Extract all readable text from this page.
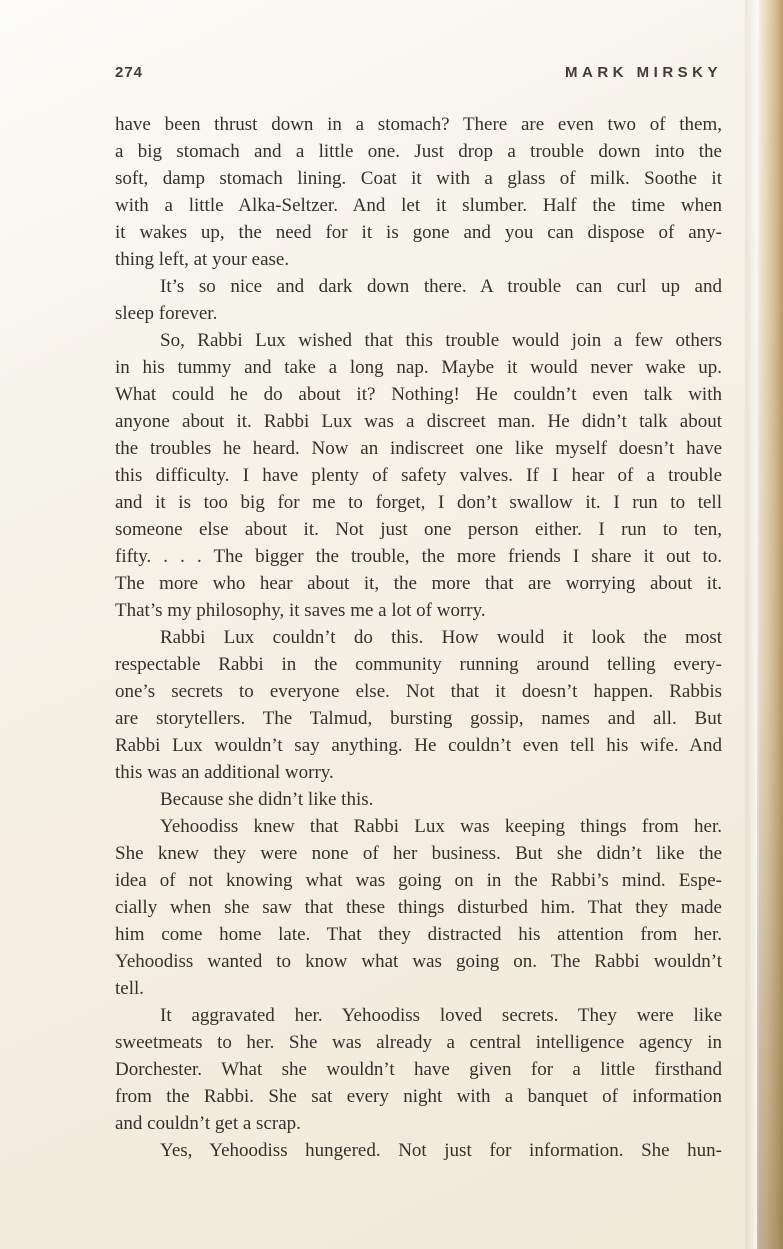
274	MARK MIRSKY

have been thrust down in a stomach? There are even two of them,
a big stomach and a little one. Just drop a trouble down into the
soft, damp stomach lining. Coat it with a glass of milk. Soothe it
with a little Alka-Seltzer. And let it slumber. Half the time when
it wakes up, the need for it is gone and you can dispose of any-
thing left, at your ease.

It’s so nice and dark down there. A trouble can curl up and
sleep forever.

So, Rabbi Lux wished that this trouble would join a few others
in his tummy and take a long nap. Maybe it would never wake up.
What could he do about it? Nothing! He couldn’t even talk with
anyone about it. Rabbi Lux was a discreet man. He didn’t talk about
the troubles he heard. Now an indiscreet one like myself doesn’t have
this difficulty. I have plenty of safety valves. If I hear of a trouble
and it is too big for me to forget, I don’t swallow it. I run to tell
someone else about it. Not just one person either. I run to ten,
fifty. . . . The bigger the trouble, the more friends I share it out to.
The more who hear about it, the more that are worrying about it.
That’s my philosophy, it saves me a lot of worry.

Rabbi Lux couldn’t do this. How would it look the most
respectable Rabbi in the community running around telling every-
one’s secrets to everyone else. Not that it doesn’t happen. Rabbis
are storytellers. The Talmud, bursting gossip, names and all. But
Rabbi Lux wouldn’t say anything. He couldn’t even tell his wife. And
this was an additional worry.

Because she didn’t like this.

Yehoodiss knew that Rabbi Lux was keeping things from her.
She knew they were none of her business. But she didn’t like the
idea of not knowing what was going on in the Rabbi’s mind. Espe-
cially when she saw that these things disturbed him. That they made
him come home late. That they distracted his attention from her.
Yehoodiss wanted to know what was going on. The Rabbi wouldn’t
tell.

It aggravated her. Yehoodiss loved secrets. They were like
sweetmeats to her. She was already a central intelligence agency in
Dorchester. What she wouldn’t have given for a little firsthand
from the Rabbi. She sat every night with a banquet of information
and couldn’t get a scrap.

Yes, Yehoodiss hungered. Not just for information. She hun-
